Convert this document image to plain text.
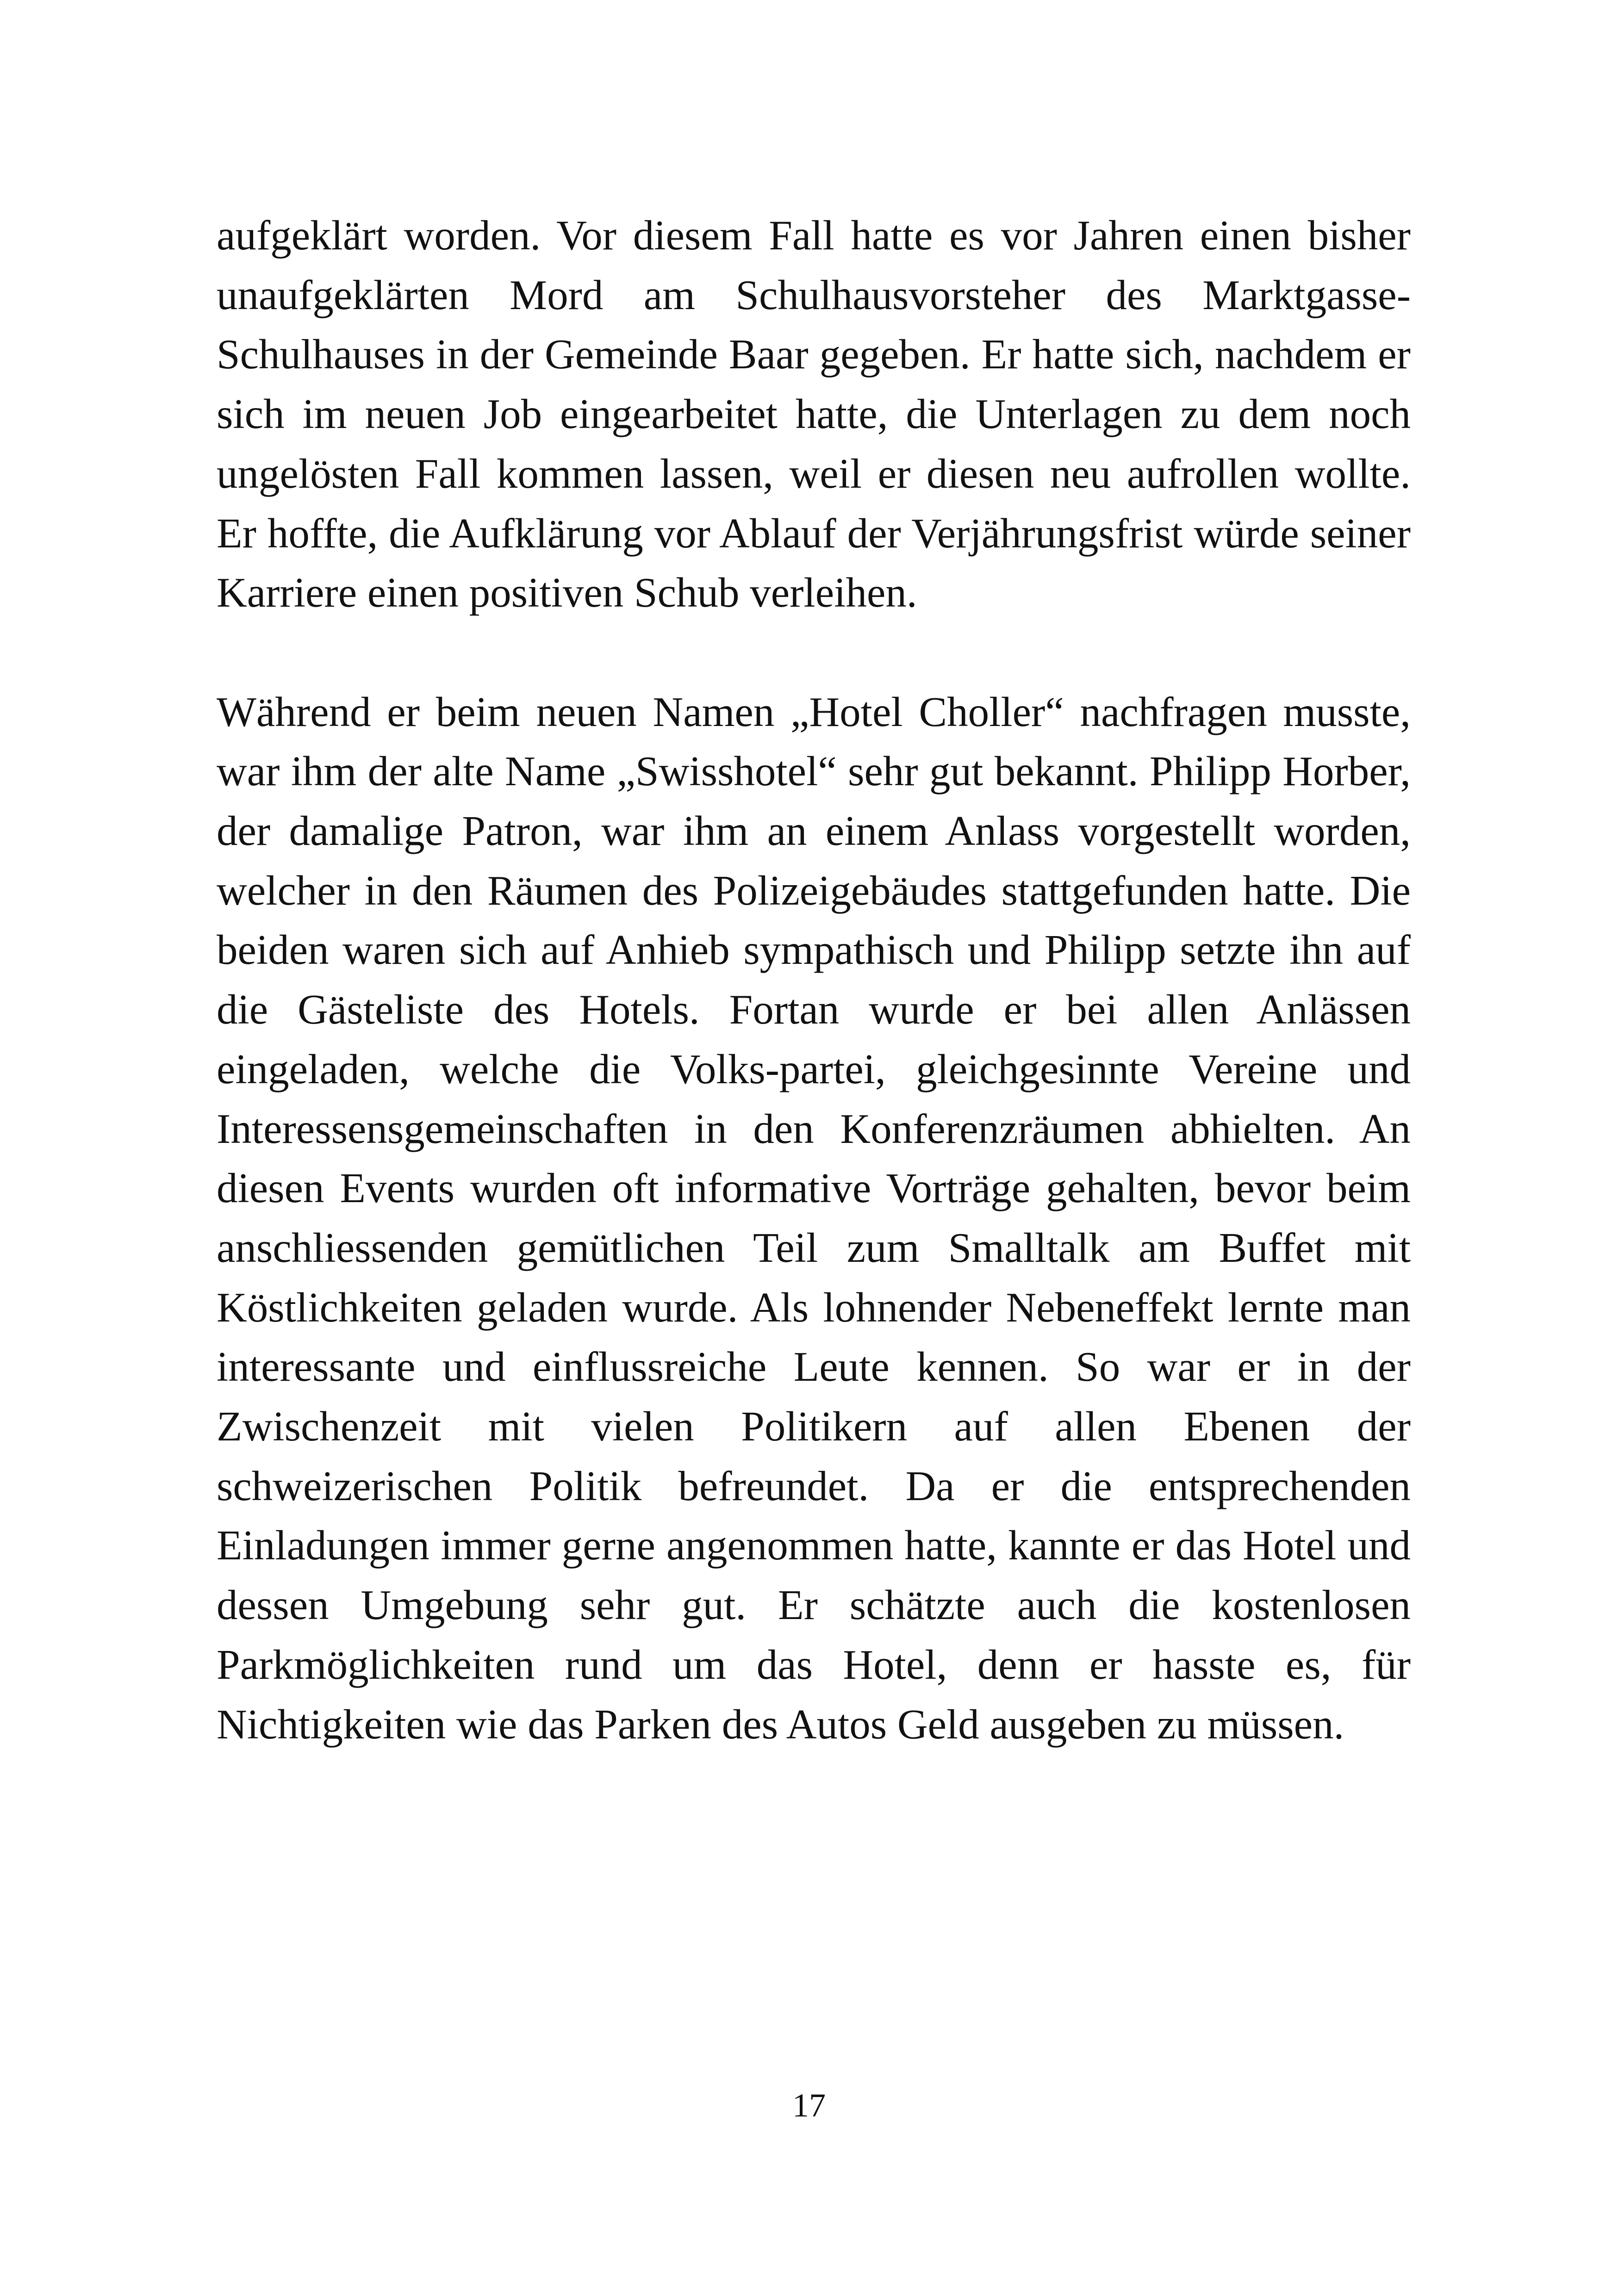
aufgeklärt worden. Vor diesem Fall hatte es vor Jahren einen bisher unaufgeklärten Mord am Schulhausvorsteher des Marktgasse-Schulhauses in der Gemeinde Baar gegeben. Er hatte sich, nachdem er sich im neuen Job eingearbeitet hatte, die Unterlagen zu dem noch ungelösten Fall kommen lassen, weil er diesen neu aufrollen wollte. Er hoffte, die Aufklärung vor Ablauf der Verjährungsfrist würde seiner Karriere einen positiven Schub verleihen.

Während er beim neuen Namen „Hotel Choller“ nachfragen musste, war ihm der alte Name „Swisshotel“ sehr gut bekannt. Philipp Horber, der damalige Patron, war ihm an einem Anlass vorgestellt worden, welcher in den Räumen des Polizeigebäudes stattgefunden hatte. Die beiden waren sich auf Anhieb sympathisch und Philipp setzte ihn auf die Gästeliste des Hotels. Fortan wurde er bei allen Anlässen eingeladen, welche die Volks-partei, gleichgesinnte Vereine und Interessensgemeinschaften in den Konferenzräumen abhielten. An diesen Events wurden oft informative Vorträge gehalten, bevor beim anschliessenden gemütlichen Teil zum Smalltalk am Buffet mit Köstlichkeiten geladen wurde. Als lohnender Nebeneffekt lernte man interessante und einflussreiche Leute kennen. So war er in der Zwischenzeit mit vielen Politikern auf allen Ebenen der schweizerischen Politik befreundet. Da er die entsprechenden Einladungen immer gerne angenommen hatte, kannte er das Hotel und dessen Umgebung sehr gut. Er schätzte auch die kostenlosen Parkmöglichkeiten rund um das Hotel, denn er hasste es, für Nichtigkeiten wie das Parken des Autos Geld ausgeben zu müssen.

17
